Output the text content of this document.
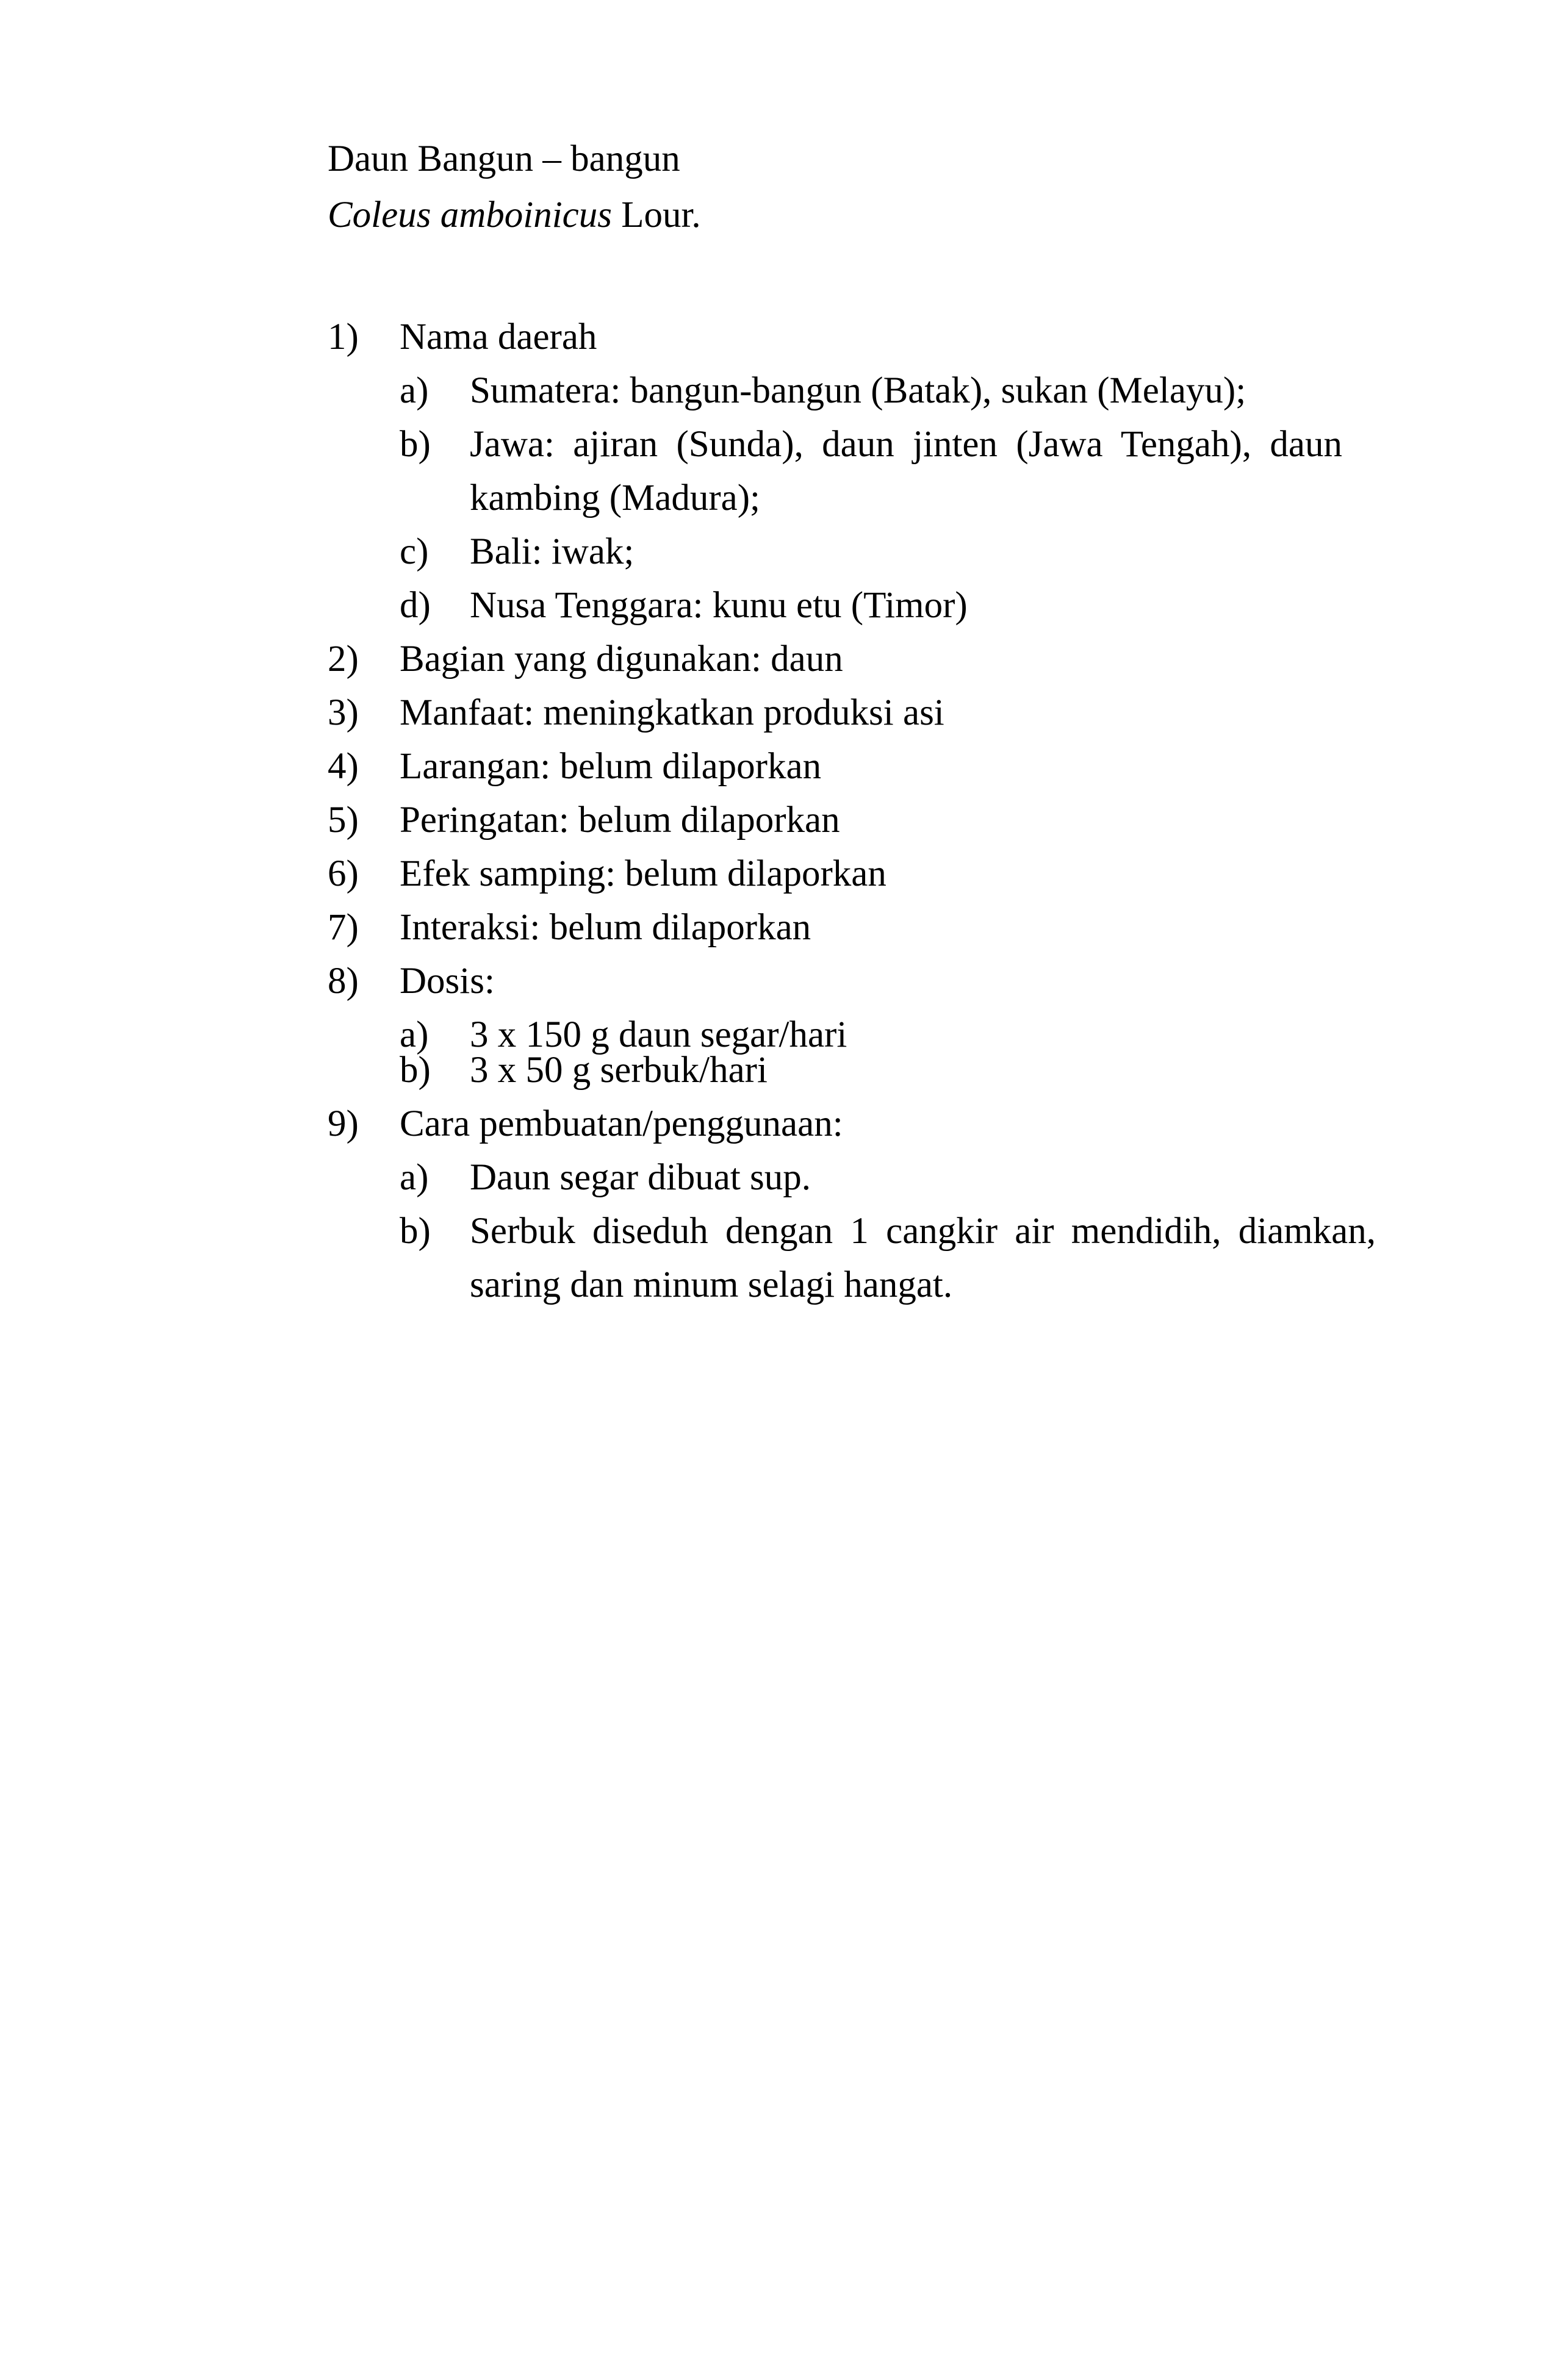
Daun Bangun – bangun
Coleus amboinicus Lour.
1)	Nama daerah
a)	Sumatera: bangun-bangun (Batak), sukan (Melayu);
b)	Jawa: ajiran (Sunda), daun jinten (Jawa Tengah), daun
kambing (Madura);
c)	Bali: iwak;
d)	Nusa Tenggara: kunu etu (Timor)
2)	Bagian yang digunakan: daun
3)	Manfaat: meningkatkan produksi asi
4)	Larangan: belum dilaporkan
5)	Peringatan: belum dilaporkan
6)	Efek samping: belum dilaporkan
7)	Interaksi: belum dilaporkan
8)	Dosis:
a)	3 x 150 g daun segar/hari
b)	3 x 50 g serbuk/hari
9)	Cara pembuatan/penggunaan:
a)	Daun segar dibuat sup.
b)	Serbuk diseduh dengan 1 cangkir air mendidih, diamkan,
saring dan minum selagi hangat.
